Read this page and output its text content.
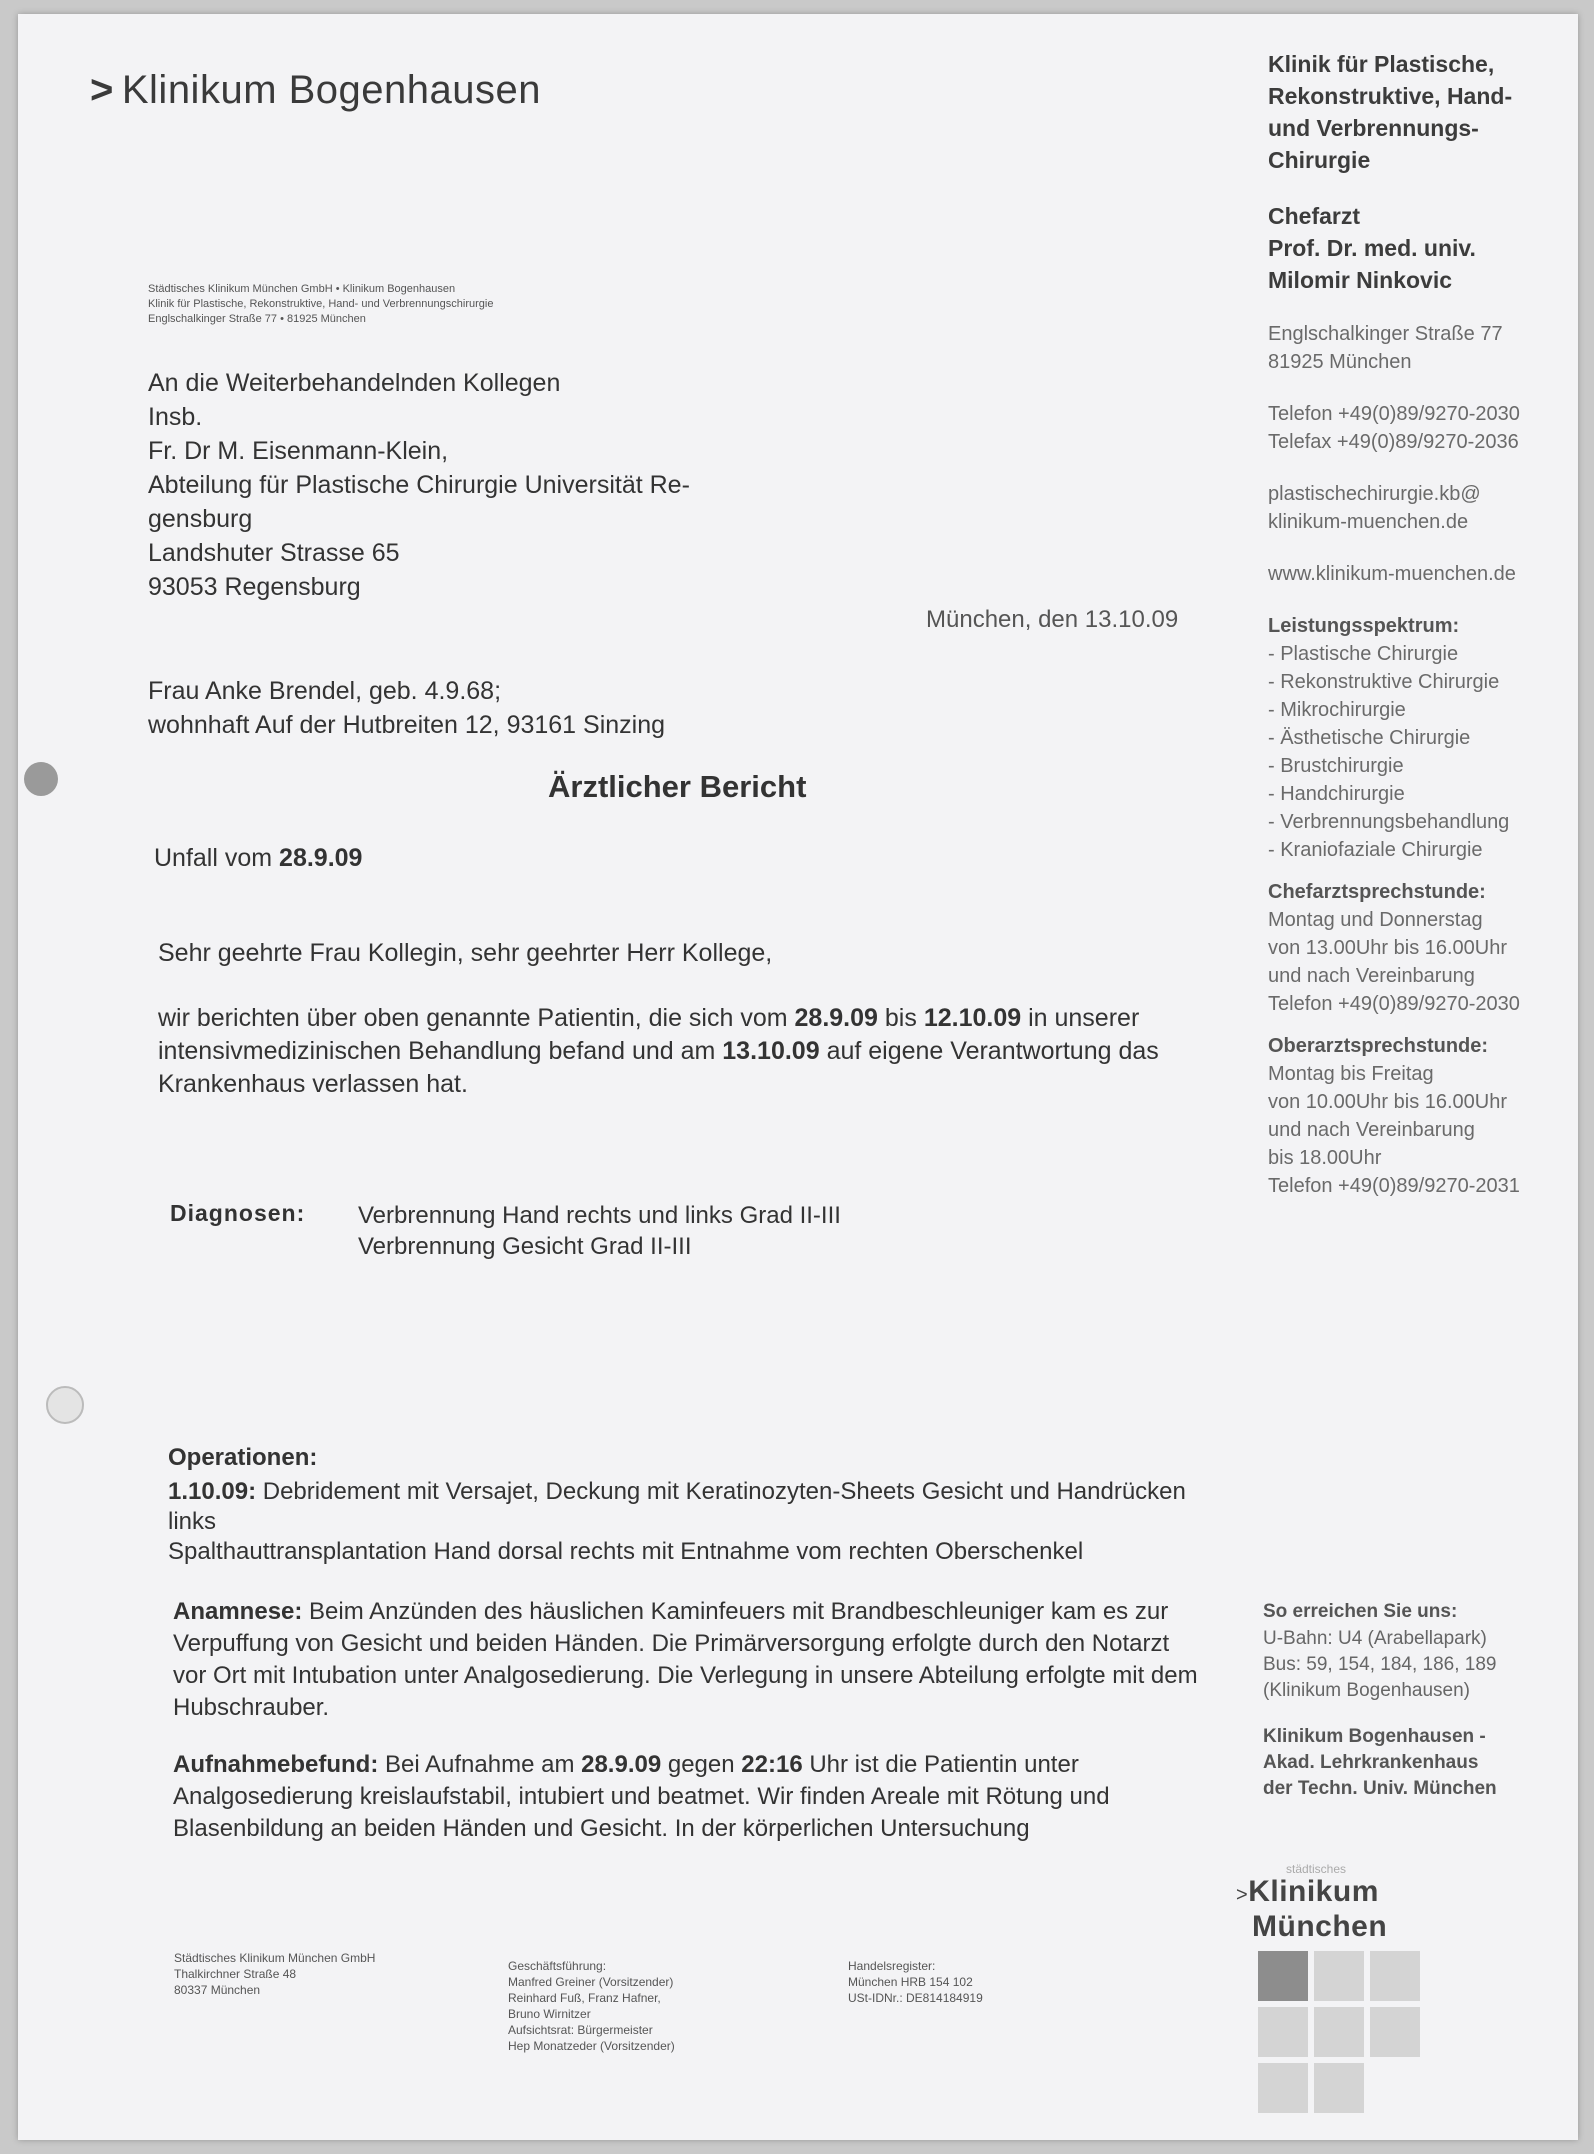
> Klinikum Bogenhausen
Städtisches Klinikum München GmbH • Klinikum Bogenhausen
Klinik für Plastische, Rekonstruktive, Hand- und Verbrennungschirurgie
Englschalkinger Straße 77 • 81925 München
An die Weiterbehandelnden Kollegen
Insb.
Fr. Dr M. Eisenmann-Klein,
Abteilung für Plastische Chirurgie Universität Re-
gensburg
Landshuter Strasse 65
93053 Regensburg
München, den 13.10.09
Frau Anke Brendel, geb. 4.9.68;
wohnhaft Auf der Hutbreiten 12, 93161 Sinzing
Ärztlicher Bericht
Unfall vom 28.9.09
Sehr geehrte Frau Kollegin, sehr geehrter Herr Kollege,
wir berichten über oben genannte Patientin, die sich vom 28.9.09 bis 12.10.09 in unserer intensivmedizinischen Behandlung befand und am 13.10.09 auf eigene Verantwortung das Krankenhaus verlassen hat.
Diagnosen: Verbrennung Hand rechts und links Grad II-III
Verbrennung Gesicht Grad II-III
Operationen:
1.10.09: Debridement mit Versajet, Deckung mit Keratinozyten-Sheets Gesicht und Handrücken links
Spalthauttransplantation Hand dorsal rechts mit Entnahme vom rechten Oberschenkel
Anamnese: Beim Anzünden des häuslichen Kaminfeuers mit Brandbeschleuniger kam es zur Verpuffung von Gesicht und beiden Händen. Die Primärversorgung erfolgte durch den Notarzt vor Ort mit Intubation unter Analgosedierung. Die Verlegung in unsere Abteilung erfolgte mit dem Hubschrauber.
Aufnahmebefund: Bei Aufnahme am 28.9.09 gegen 22:16 Uhr ist die Patientin unter Analgosedierung kreislaufstabil, intubiert und beatmet. Wir finden Areale mit Rötung und Blasenbildung an beiden Händen und Gesicht. In der körperlichen Untersuchung
Klinik für Plastische,
Rekonstruktive, Hand-
und Verbrennungs-
Chirurgie
Chefarzt
Prof. Dr. med. univ.
Milomir Ninkovic
Englschalkinger Straße 77
81925 München
Telefon +49(0)89/9270-2030
Telefax +49(0)89/9270-2036
plastischechirurgie.kb@
klinikum-muenchen.de
www.klinikum-muenchen.de
Leistungsspektrum:
- Plastische Chirurgie
- Rekonstruktive Chirurgie
- Mikrochirurgie
- Ästhetische Chirurgie
- Brustchirurgie
- Handchirurgie
- Verbrennungsbehandlung
- Kraniofaziale Chirurgie
Chefarztsprechstunde:
Montag und Donnerstag
von 13.00Uhr bis 16.00Uhr
und nach Vereinbarung
Telefon +49(0)89/9270-2030
Oberarztsprechstunde:
Montag bis Freitag
von 10.00Uhr bis 16.00Uhr
und nach Vereinbarung
bis 18.00Uhr
Telefon +49(0)89/9270-2031
So erreichen Sie uns:
U-Bahn: U4 (Arabellapark)
Bus: 59, 154, 184, 186, 189
(Klinikum Bogenhausen)
Klinikum Bogenhausen -
Akad. Lehrkrankenhaus
der Techn. Univ. München
städtisches
>Klinikum
München
Städtisches Klinikum München GmbH
Thalkirchner Straße 48
80337 München
Geschäftsführung:
Manfred Greiner (Vorsitzender)
Reinhard Fuß, Franz Hafner,
Bruno Wirnitzer
Aufsichtsrat: Bürgermeister
Hep Monatzeder (Vorsitzender)
Handelsregister:
München HRB 154 102
USt-IDNr.: DE814184919
